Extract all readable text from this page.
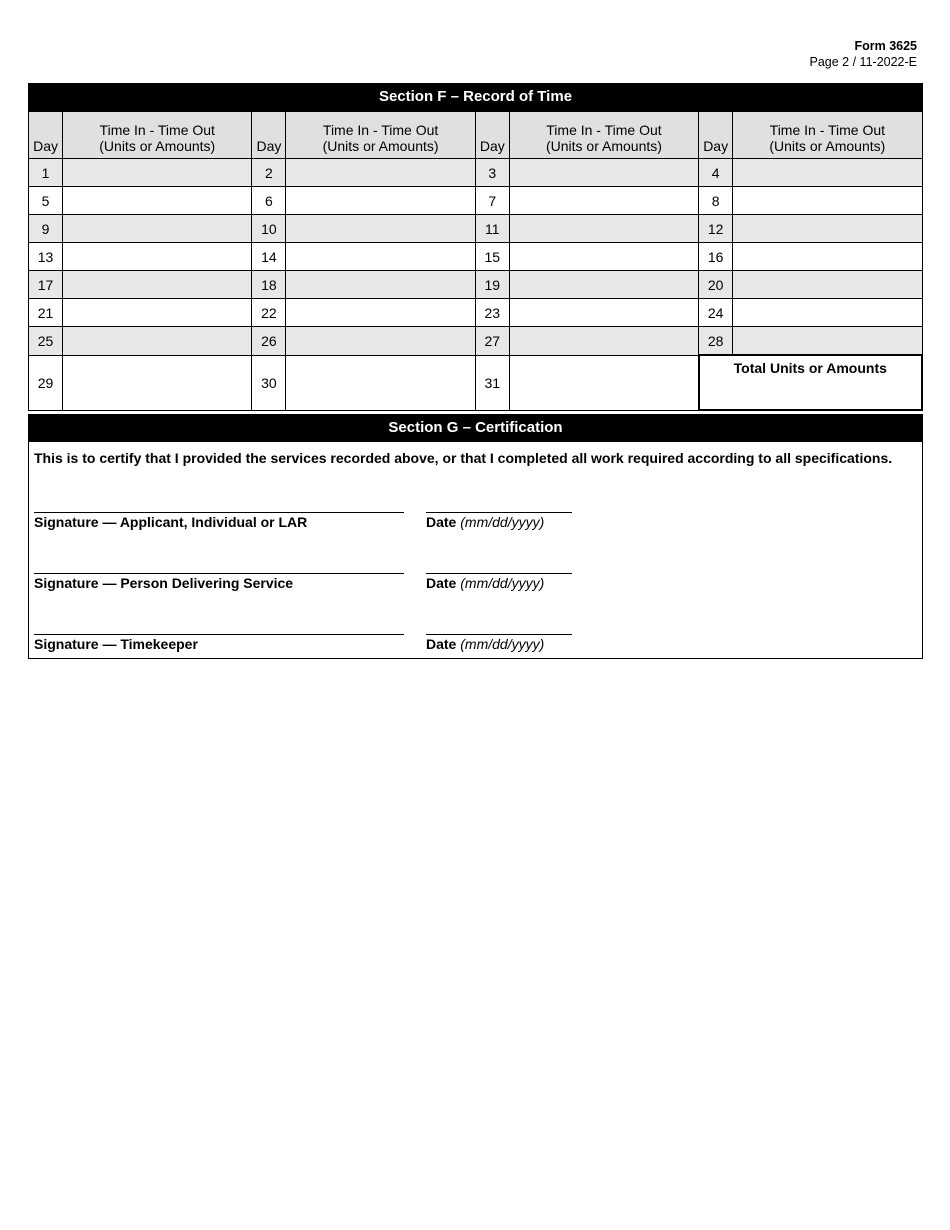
Form 3625
Page 2 / 11-2022-E
Section F – Record of Time
Day	Time In - Time Out
(Units or Amounts)	Day	Time In - Time Out
(Units or Amounts)	Day	Time In - Time Out
(Units or Amounts)	Day	Time In - Time Out
(Units or Amounts)
1		2		3		4	
5		6		7		8	
9		10		11		12	
13		14		15		16	
17		18		19		20	
21		22		23		24	
25		26		27		28	
29		30		31		Total Units or Amounts	
Section G – Certification
This is to certify that I provided the services recorded above, or that I completed all work required according to all specifications.
Signature — Applicant, Individual or LAR	Date (mm/dd/yyyy)
Signature — Person Delivering Service	Date (mm/dd/yyyy)
Signature — Timekeeper	Date (mm/dd/yyyy)
